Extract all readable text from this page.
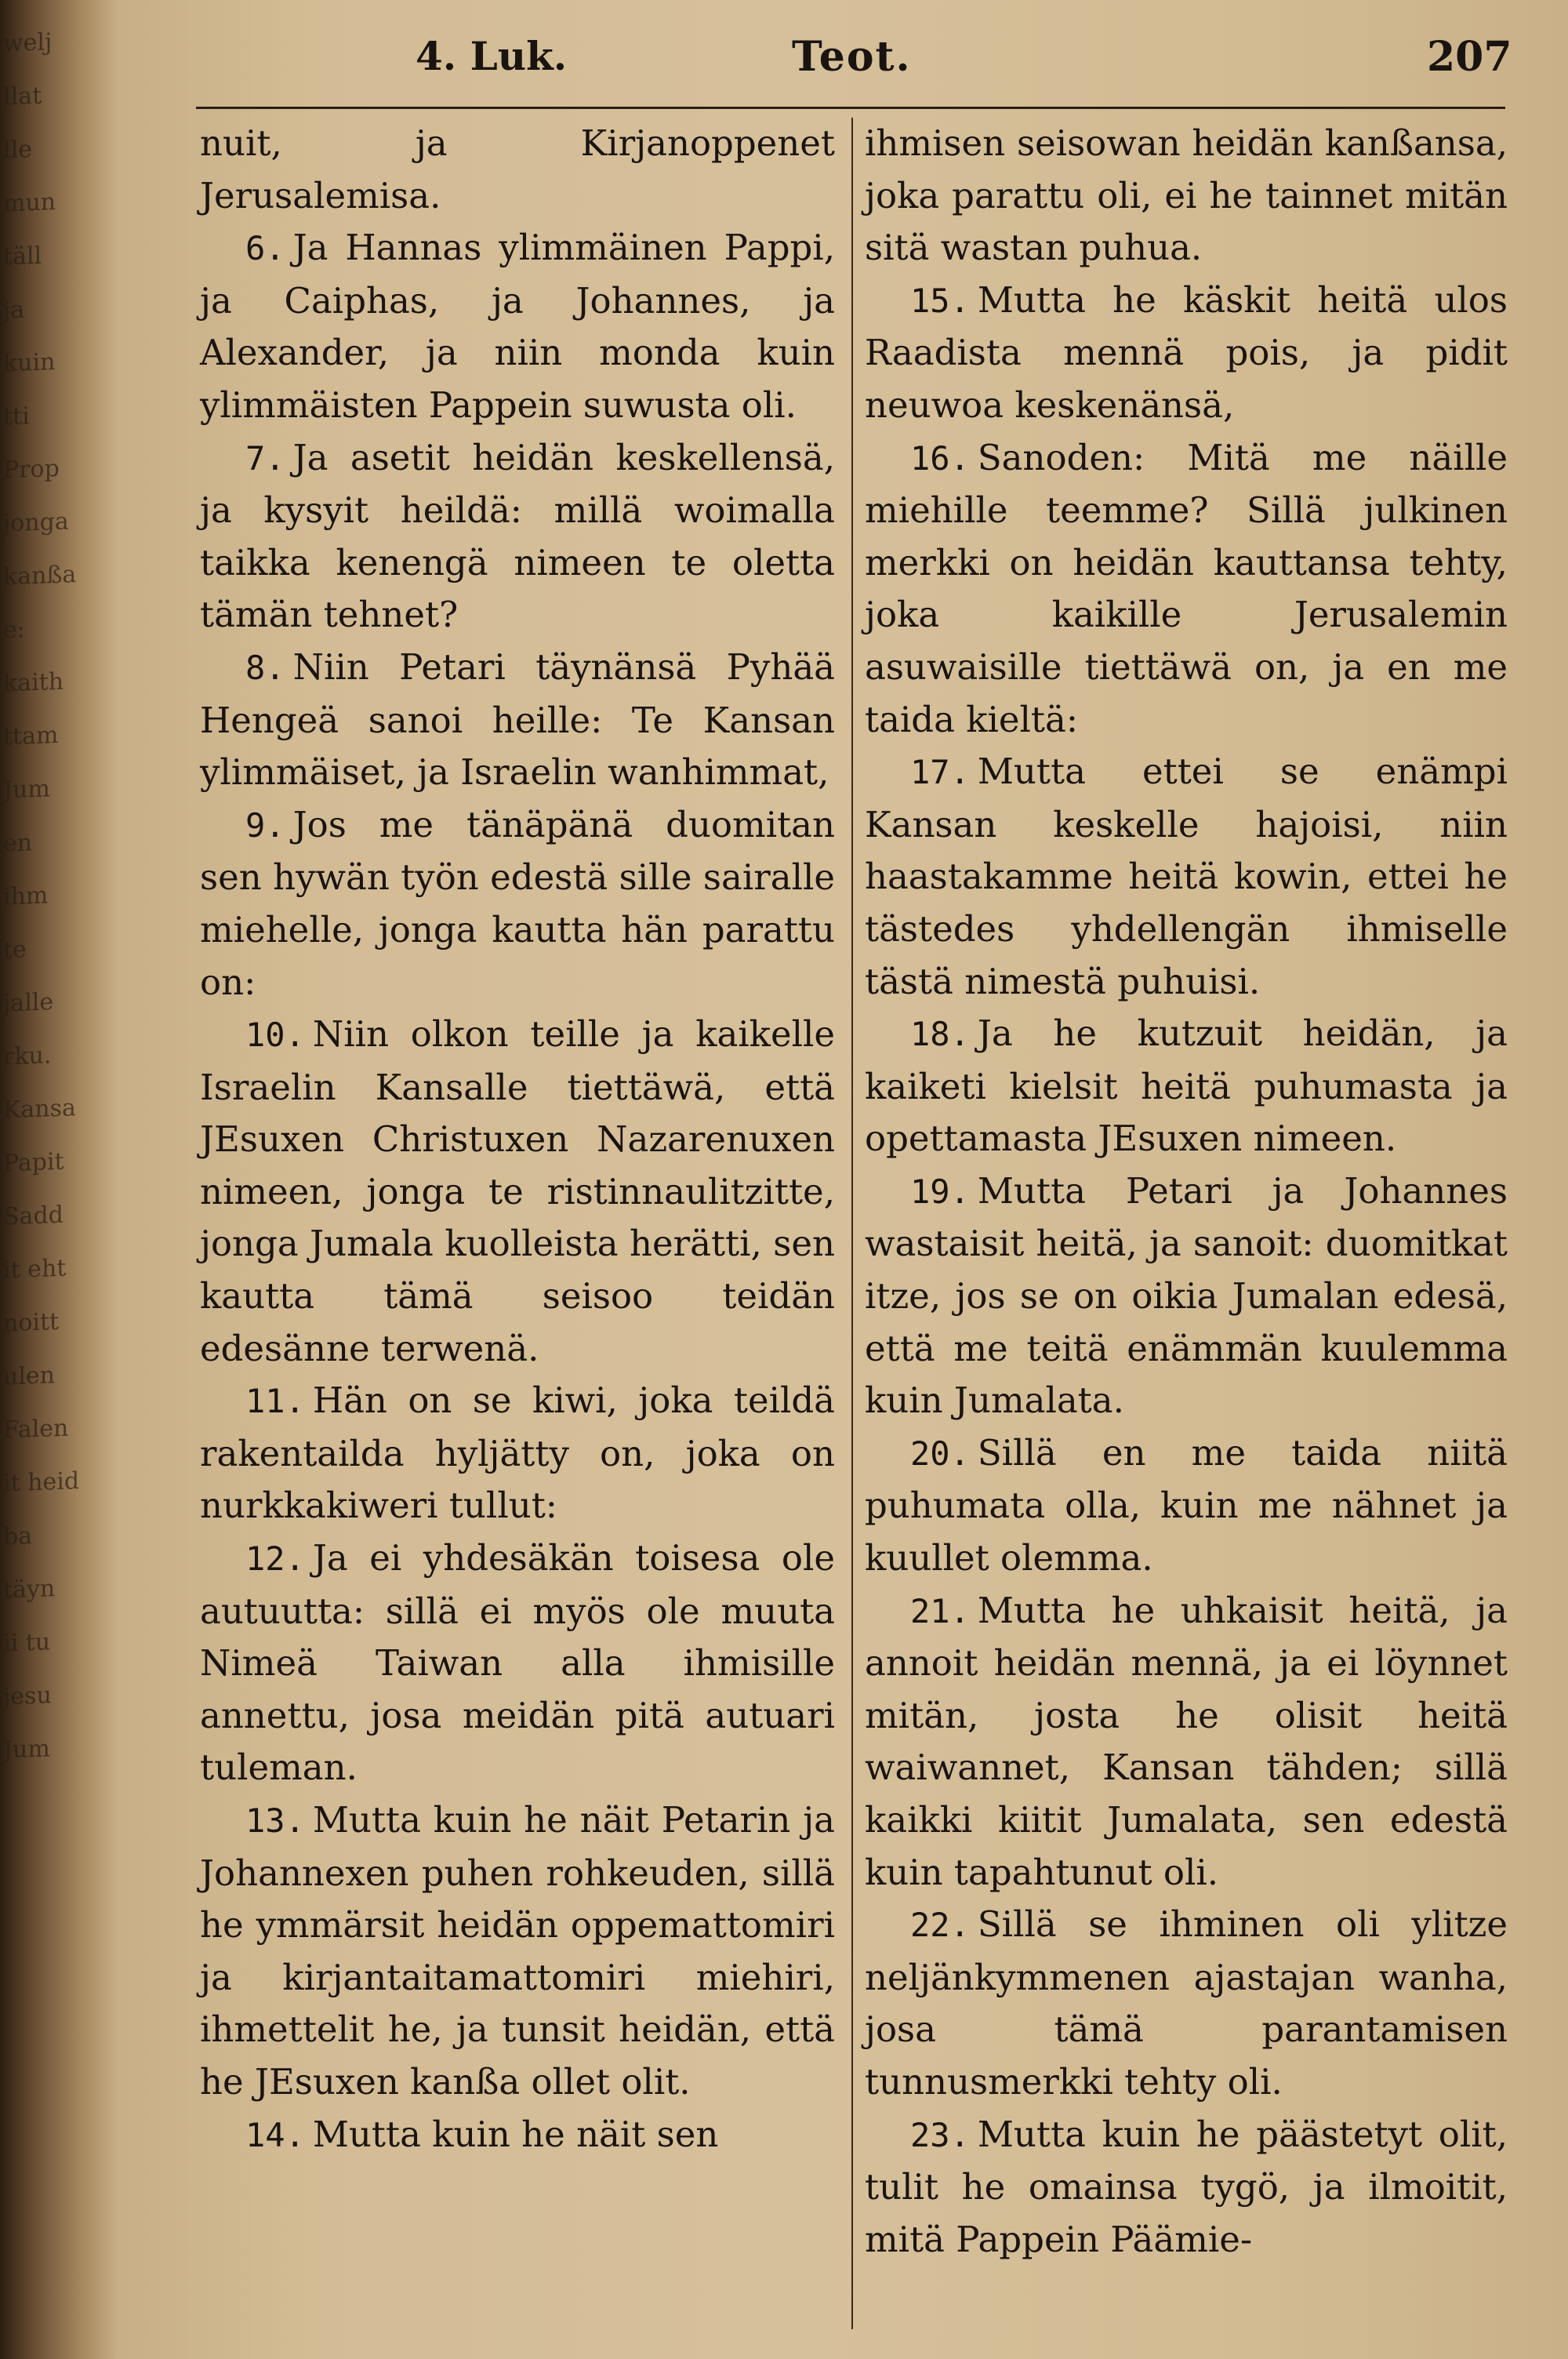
welj
llat
lle
mun
täll
ja
kuin
tti
Prop
jonga
kanßa
e:
kaith
ttam
Jum
en
ihm
te
jalle
rku.
Kansa
Papit
Sadd
it eht
noitt
ulen
Falen
it heid
ba
täyn
ii tu
jesu
Jum
4. Luk.	Teot.	207

nuit, ja Kirjanoppenet Jerusalemisa.

6. Ja Hannas ylimmäinen Pappi, ja Caiphas, ja Johannes, ja Alexander, ja niin monda kuin ylimmäisten Pappein suwusta oli.

7. Ja asetit heidän keskellensä, ja kysyit heildä: millä woimalla taikka kenengä nimeen te oletta tämän tehnet?

8. Niin Petari täynänsä Pyhää Hengeä sanoi heille: Te Kansan ylimmäiset, ja Israelin wanhimmat,

9. Jos me tänäpänä duomitan sen hywän työn edestä sille sairalle miehelle, jonga kautta hän parattu on:

10. Niin olkon teille ja kaikelle Israelin Kansalle tiettäwä, että JEsuxen Christuxen Nazarenuxen nimeen, jonga te ristinnaulitzitte, jonga Jumala kuolleista herätti, sen kautta tämä seisoo teidän edesänne terwenä.

11. Hän on se kiwi, joka teildä rakentailda hyljätty on, joka on nurkkakiweri tullut:

12. Ja ei yhdesäkän toisesa ole autuutta: sillä ei myös ole muuta Nimeä Taiwan alla ihmisille annettu, josa meidän pitä autuari tuleman.

13. Mutta kuin he näit Petarin ja Johannexen puhen rohkeuden, sillä he ymmärsit heidän oppemattomiri ja kirjantaitamattomiri miehiri, ihmettelit he, ja tunsit heidän, että he JEsuxen kanßa ollet olit.

14. Mutta kuin he näit sen

ihmisen seisowan heidän kanßansa, joka parattu oli, ei he tainnet mitän sitä wastan puhua.

15. Mutta he käskit heitä ulos Raadista mennä pois, ja pidit neuwoa keskenänsä,

16. Sanoden: Mitä me näille miehille teemme? Sillä julkinen merkki on heidän kauttansa tehty, joka kaikille Jerusalemin asuwaisille tiettäwä on, ja en me taida kieltä:

17. Mutta ettei se enämpi Kansan keskelle hajoisi, niin haastakamme heitä kowin, ettei he tästedes yhdellengän ihmiselle tästä nimestä puhuisi.

18. Ja he kutzuit heidän, ja kaiketi kielsit heitä puhumasta ja opettamasta JEsuxen nimeen.

19. Mutta Petari ja Johannes wastaisit heitä, ja sanoit: duomitkat itze, jos se on oikia Jumalan edesä, että me teitä enämmän kuulemma kuin Jumalata.

20. Sillä en me taida niitä puhumata olla, kuin me nähnet ja kuullet olemma.

21. Mutta he uhkaisit heitä, ja annoit heidän mennä, ja ei löynnet mitän, josta he olisit heitä waiwannet, Kansan tähden; sillä kaikki kiitit Jumalata, sen edestä kuin tapahtunut oli.

22. Sillä se ihminen oli ylitze neljänkymmenen ajastajan wanha, josa tämä parantamisen tunnusmerkki tehty oli.

23. Mutta kuin he päästetyt olit, tulit he omainsa tygö, ja ilmoitit, mitä Pappein Päämie-
